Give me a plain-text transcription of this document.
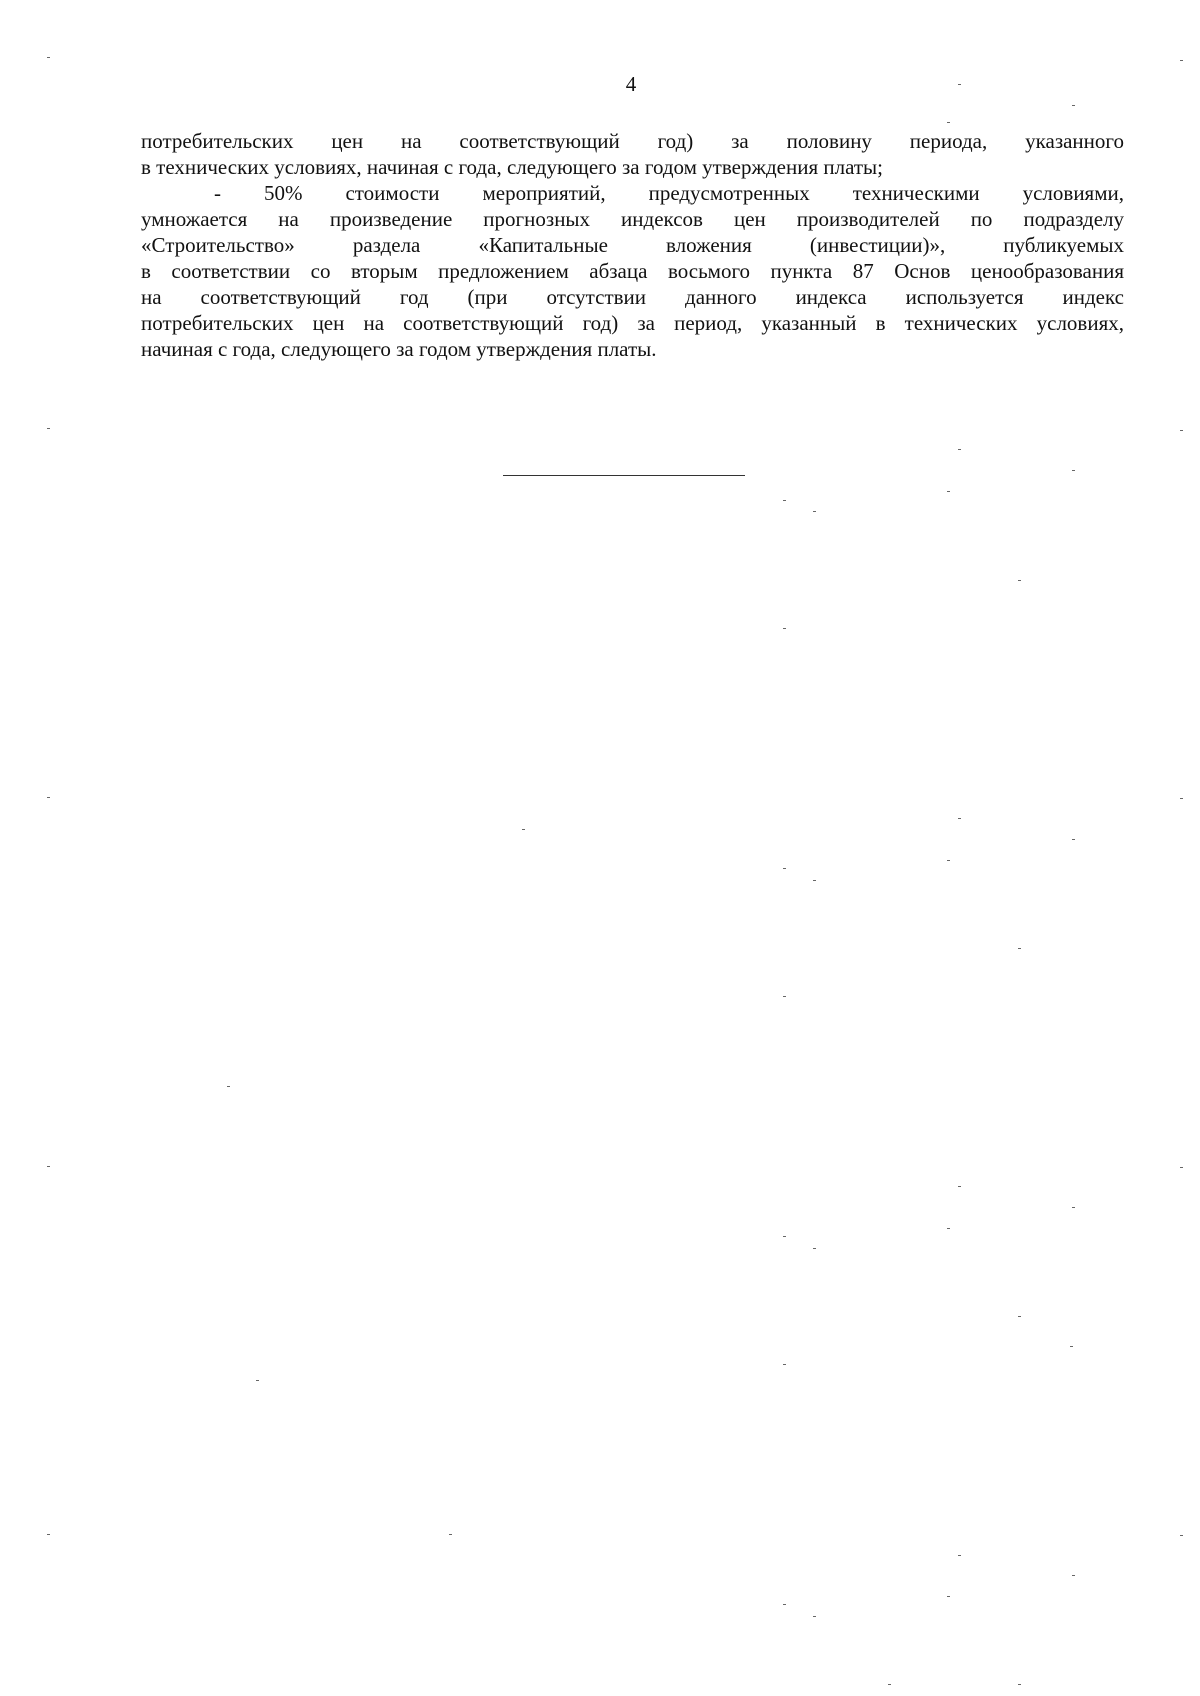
4
потребительских цен на соответствующий год) за половину периода, указанного
в технических условиях, начиная с года, следующего за годом утверждения платы;
- 50% стоимости мероприятий, предусмотренных техническими условиями,
умножается на произведение прогнозных индексов цен производителей по подразделу
«Строительство» раздела «Капитальные вложения (инвестиции)», публикуемых
в соответствии со вторым предложением абзаца восьмого пункта 87 Основ ценообразования
на соответствующий год (при отсутствии данного индекса используется индекс
потребительских цен на соответствующий год) за период, указанный в технических условиях,
начиная с года, следующего за годом утверждения платы.
